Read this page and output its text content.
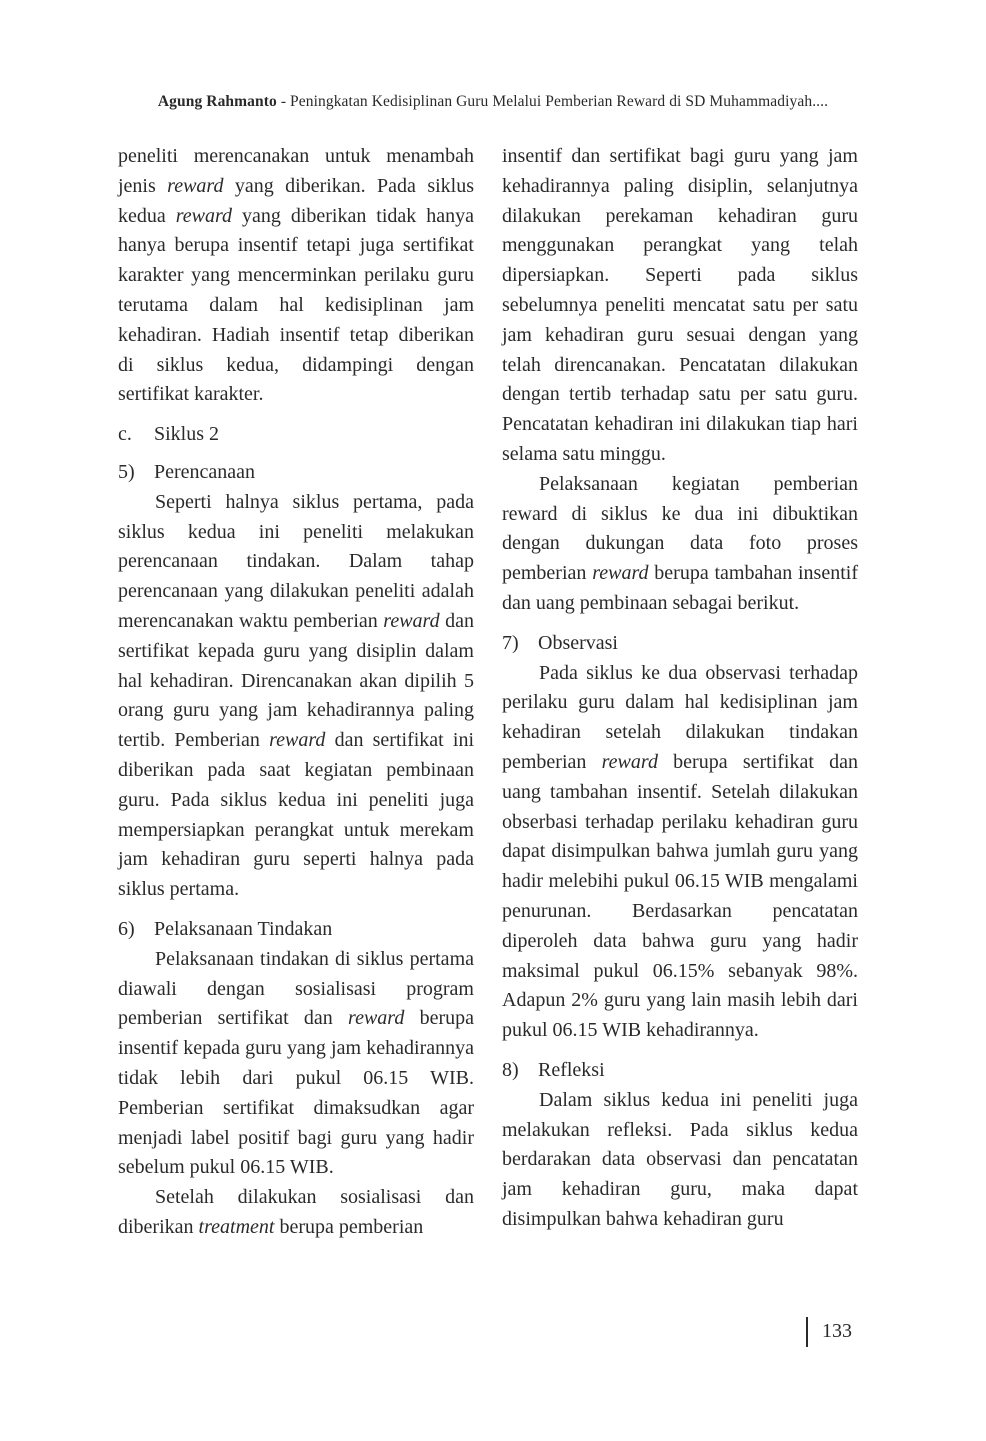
Agung Rahmanto - Peningkatan Kedisiplinan Guru Melalui Pemberian Reward di SD Muhammadiyah....

peneliti merencanakan untuk menambah jenis reward yang diberikan. Pada siklus kedua reward yang diberikan tidak hanya hanya berupa insentif tetapi juga sertifikat karakter yang mencerminkan perilaku guru terutama dalam hal kedisiplinan jam kehadiran. Hadiah insentif tetap diberikan di siklus kedua, didampingi dengan sertifikat karakter.

c. Siklus 2

5) Perencanaan

Seperti halnya siklus pertama, pada siklus kedua ini peneliti melakukan perencanaan tindakan. Dalam tahap perencanaan yang dilakukan peneliti adalah merencanakan waktu pemberian reward dan sertifikat kepada guru yang disiplin dalam hal kehadiran. Direncanakan akan dipilih 5 orang guru yang jam kehadirannya paling tertib. Pemberian reward dan sertifikat ini diberikan pada saat kegiatan pembinaan guru. Pada siklus kedua ini peneliti juga mempersiapkan perangkat untuk merekam jam kehadiran guru seperti halnya pada siklus pertama.

6) Pelaksanaan Tindakan

Pelaksanaan tindakan di siklus pertama diawali dengan sosialisasi program pemberian sertifikat dan reward berupa insentif kepada guru yang jam kehadirannya tidak lebih dari pukul 06.15 WIB. Pemberian sertifikat dimaksudkan agar menjadi label positif bagi guru yang hadir sebelum pukul 06.15 WIB.

Setelah dilakukan sosialisasi dan diberikan treatment berupa pemberian

insentif dan sertifikat bagi guru yang jam kehadirannya paling disiplin, selanjutnya dilakukan perekaman kehadiran guru menggunakan perangkat yang telah dipersiapkan. Seperti pada siklus sebelumnya peneliti mencatat satu per satu jam kehadiran guru sesuai dengan yang telah direncanakan. Pencatatan dilakukan dengan tertib terhadap satu per satu guru. Pencatatan kehadiran ini dilakukan tiap hari selama satu minggu.

Pelaksanaan kegiatan pemberian reward di siklus ke dua ini dibuktikan dengan dukungan data foto proses pemberian reward berupa tambahan insentif dan uang pembinaan sebagai berikut.

7) Observasi

Pada siklus ke dua observasi terhadap perilaku guru dalam hal kedisiplinan jam kehadiran setelah dilakukan tindakan pemberian reward berupa sertifikat dan uang tambahan insentif. Setelah dilakukan obserbasi terhadap perilaku kehadiran guru dapat disimpulkan bahwa jumlah guru yang hadir melebihi pukul 06.15 WIB mengalami penurunan. Berdasarkan pencatatan diperoleh data bahwa guru yang hadir maksimal pukul 06.15% sebanyak 98%. Adapun 2% guru yang lain masih lebih dari pukul 06.15 WIB kehadirannya.

8) Refleksi

Dalam siklus kedua ini peneliti juga melakukan refleksi. Pada siklus kedua berdarakan data observasi dan pencatatan jam kehadiran guru, maka dapat disimpulkan bahwa kehadiran guru

133
